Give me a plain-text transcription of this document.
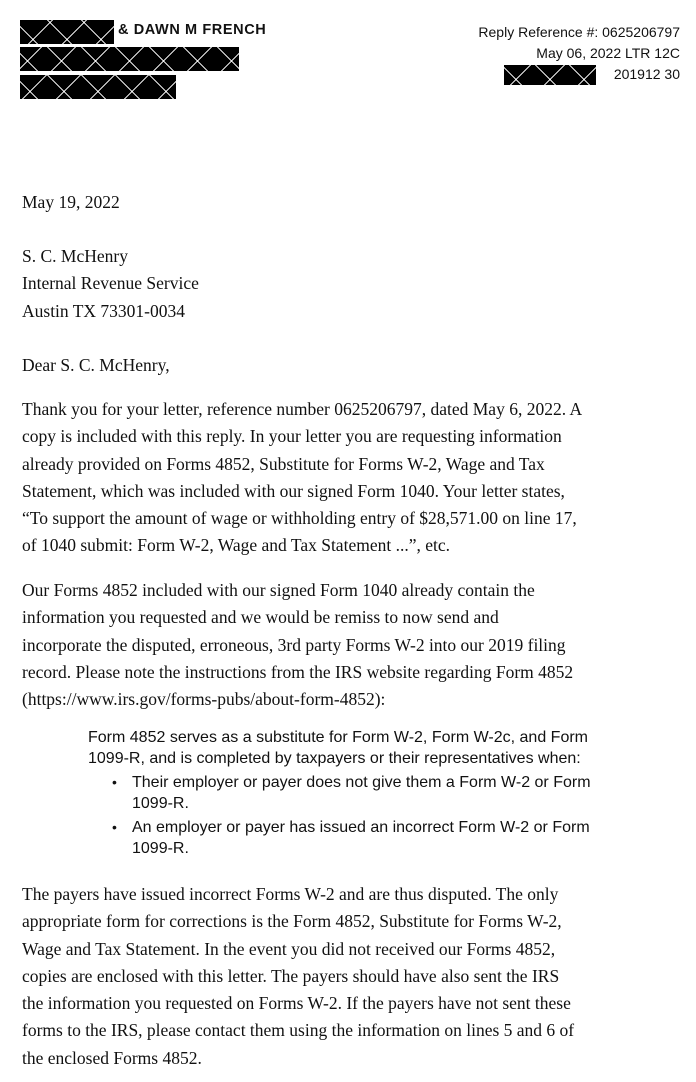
& DAWN M FRENCH	Reply Reference #: 0625206797
May 06, 2022 LTR 12C
201912 30
May 19, 2022
S. C. McHenry
Internal Revenue Service
Austin TX 73301-0034
Dear S. C. McHenry,
Thank you for your letter, reference number 0625206797, dated May 6, 2022. A
copy is included with this reply. In your letter you are requesting information
already provided on Forms 4852, Substitute for Forms W-2, Wage and Tax
Statement, which was included with our signed Form 1040. Your letter states,
“To support the amount of wage or withholding entry of $28,571.00 on line 17,
of 1040 submit: Form W-2, Wage and Tax Statement ...”, etc.
Our Forms 4852 included with our signed Form 1040 already contain the
information you requested and we would be remiss to now send and
incorporate the disputed, erroneous, 3rd party Forms W-2 into our 2019 filing
record. Please note the instructions from the IRS website regarding Form 4852
(https://www.irs.gov/forms-pubs/about-form-4852):
Form 4852 serves as a substitute for Form W-2, Form W-2c, and Form
1099-R, and is completed by taxpayers or their representatives when:
• Their employer or payer does not give them a Form W-2 or Form
1099-R.
• An employer or payer has issued an incorrect Form W-2 or Form
1099-R.
The payers have issued incorrect Forms W-2 and are thus disputed. The only
appropriate form for corrections is the Form 4852, Substitute for Forms W-2,
Wage and Tax Statement. In the event you did not received our Forms 4852,
copies are enclosed with this letter. The payers should have also sent the IRS
the information you requested on Forms W-2. If the payers have not sent these
forms to the IRS, please contact them using the information on lines 5 and 6 of
the enclosed Forms 4852.
